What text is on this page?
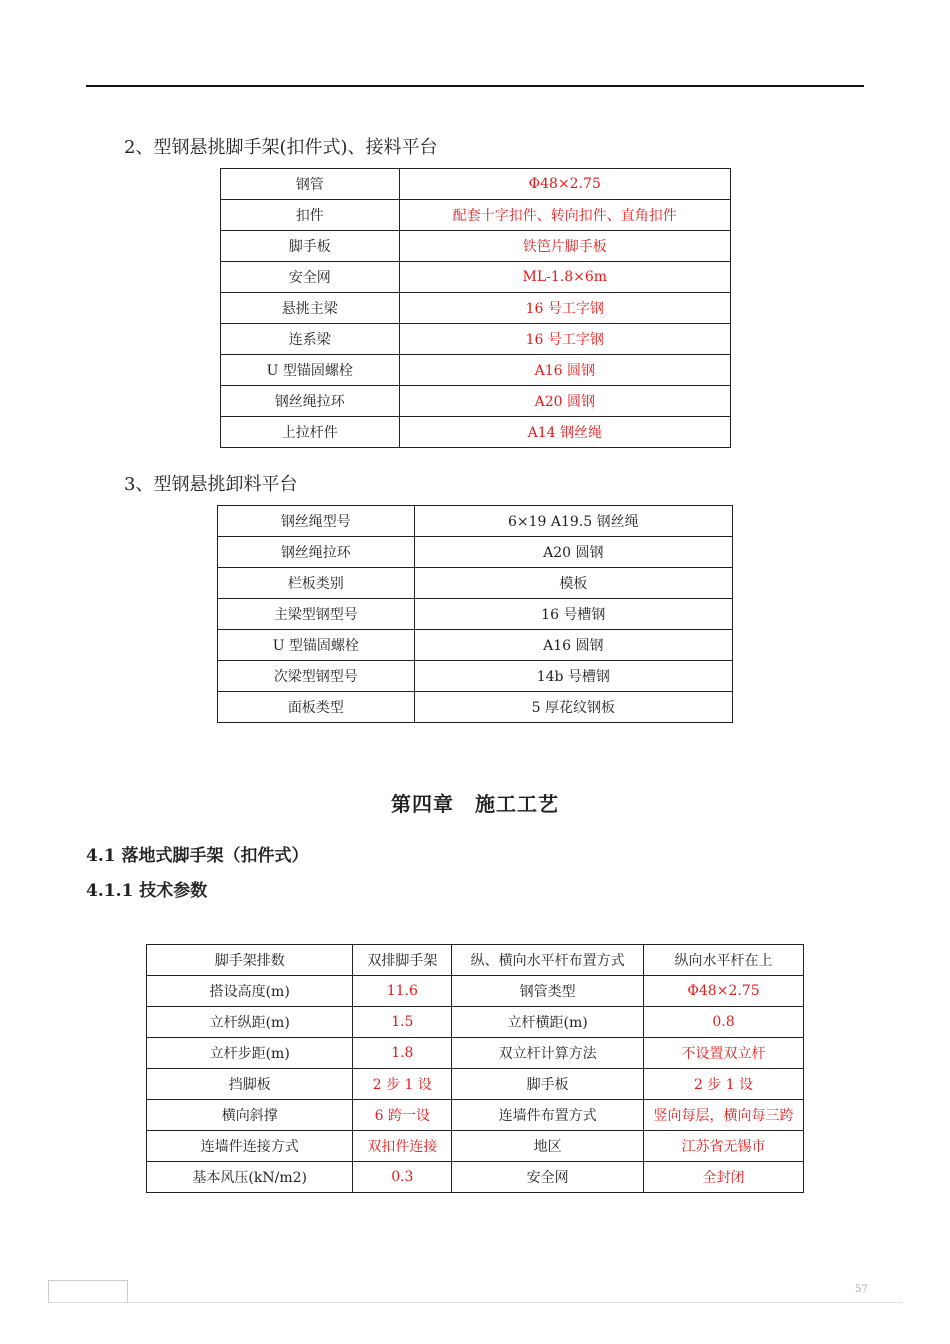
2、型钢悬挑脚手架(扣件式)、接料平台
钢管	Φ48×2.75
扣件	配套十字扣件、转向扣件、直角扣件
脚手板	铁笆片脚手板
安全网	ML-1.8×6m
悬挑主梁	16 号工字钢
连系梁	16 号工字钢
U 型锚固螺栓	A16 圆钢
钢丝绳拉环	A20 圆钢
上拉杆件	A14 钢丝绳
3、型钢悬挑卸料平台
钢丝绳型号	6×19 A19.5 钢丝绳
钢丝绳拉环	A20 圆钢
栏板类别	模板
主梁型钢型号	16 号槽钢
U 型锚固螺栓	A16 圆钢
次梁型钢型号	14b 号槽钢
面板类型	5 厚花纹钢板
第四章　施工工艺
4.1 落地式脚手架（扣件式）
4.1.1 技术参数
脚手架排数	双排脚手架	纵、横向水平杆布置方式	纵向水平杆在上
搭设高度(m)	11.6	钢管类型	Φ48×2.75
立杆纵距(m)	1.5	立杆横距(m)	0.8
立杆步距(m)	1.8	双立杆计算方法	不设置双立杆
挡脚板	2 步 1 设	脚手板	2 步 1 设
横向斜撑	6 跨一设	连墙件布置方式	竖向每层，横向每三跨
连墙件连接方式	双扣件连接	地区	江苏省无锡市
基本风压(kN/m2)	0.3	安全网	全封闭
57
